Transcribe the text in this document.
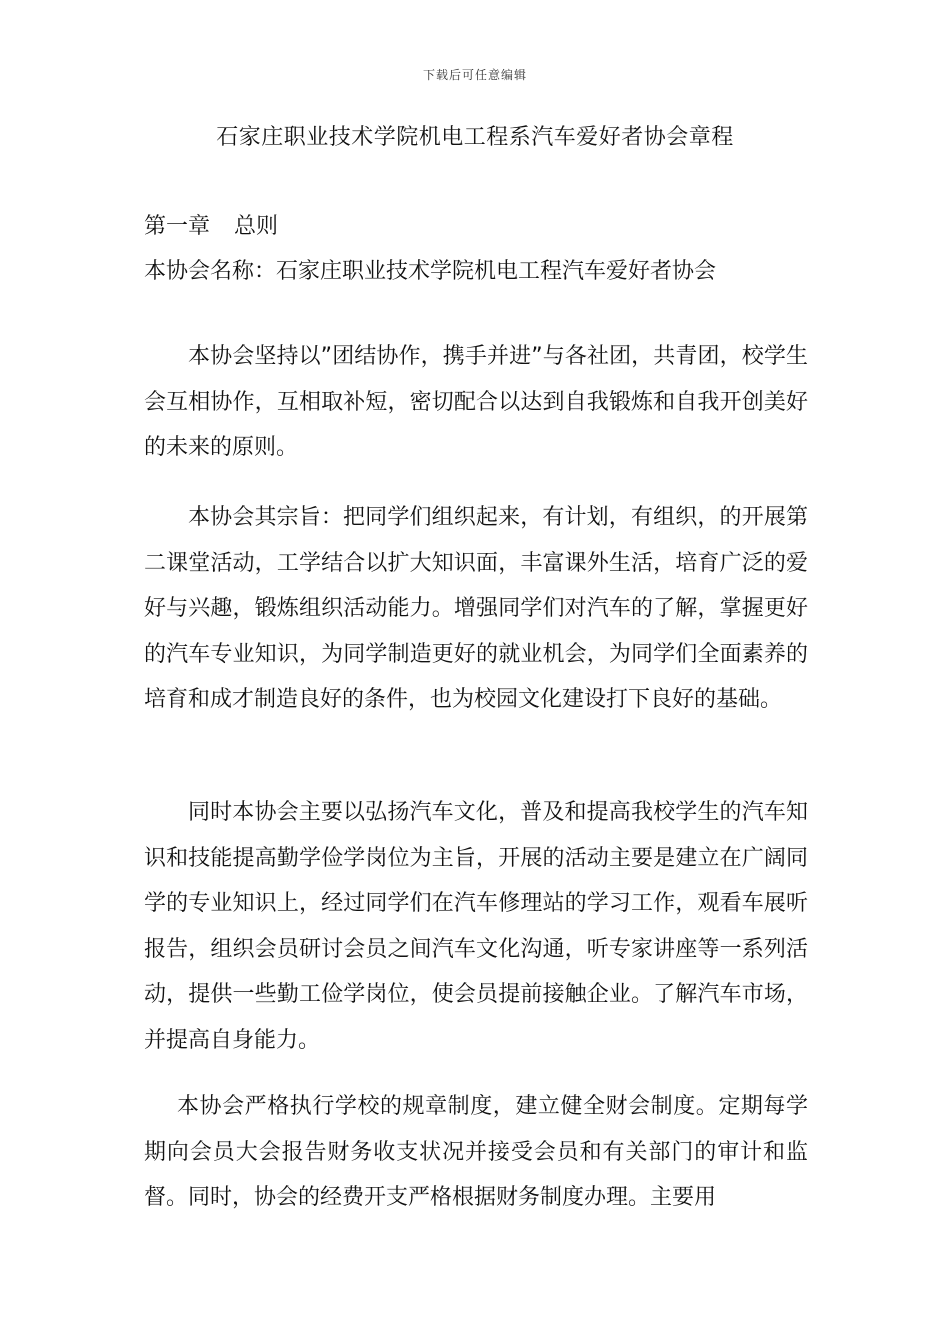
下载后可任意编辑
石家庄职业技术学院机电工程系汽车爱好者协会章程
第一章 总则
本协会名称：石家庄职业技术学院机电工程汽车爱好者协会

本协会坚持以”团结协作，携手并进”与各社团，共青团，校学生会互相协作，互相取补短，密切配合以达到自我锻炼和自我开创美好的未来的原则。

本协会其宗旨：把同学们组织起来，有计划，有组织，的开展第二课堂活动，工学结合以扩大知识面，丰富课外生活，培育广泛的爱好与兴趣，锻炼组织活动能力。增强同学们对汽车的了解，掌握更好的汽车专业知识，为同学制造更好的就业机会，为同学们全面素养的培育和成才制造良好的条件，也为校园文化建设打下良好的基础。

同时本协会主要以弘扬汽车文化，普及和提高我校学生的汽车知识和技能提高勤学俭学岗位为主旨，开展的活动主要是建立在广阔同学的专业知识上，经过同学们在汽车修理站的学习工作，观看车展听报告，组织会员研讨会员之间汽车文化沟通，听专家讲座等一系列活动，提供一些勤工俭学岗位，使会员提前接触企业。了解汽车市场，并提高自身能力。

本协会严格执行学校的规章制度，建立健全财会制度。定期每学期向会员大会报告财务收支状况并接受会员和有关部门的审计和监督。同时，协会的经费开支严格根据财务制度办理。主要用
